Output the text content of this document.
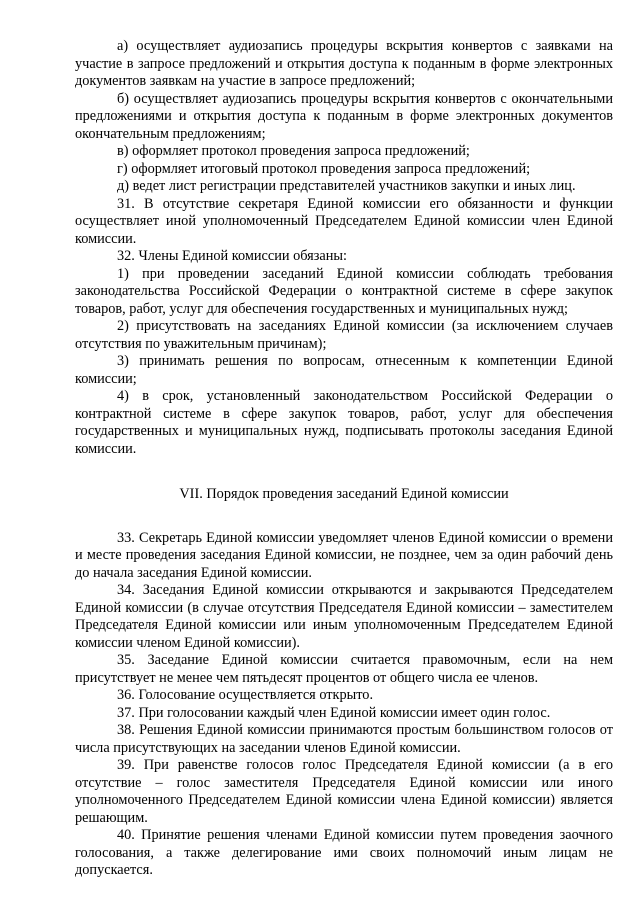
а) осуществляет аудиозапись процедуры вскрытия конвертов с заявками на участие в запросе предложений и открытия доступа к поданным в форме электронных документов заявкам на участие в запросе предложений;

б) осуществляет аудиозапись процедуры вскрытия конвертов с окончательными предложениями и открытия доступа к поданным в форме электронных документов окончательным предложениям;

в) оформляет протокол проведения запроса предложений;

г) оформляет итоговый протокол проведения запроса предложений;

д) ведет лист регистрации представителей участников закупки и иных лиц.

31. В отсутствие секретаря Единой комиссии его обязанности и функции осуществляет иной уполномоченный Председателем Единой комиссии член Единой комиссии.

32. Члены Единой комиссии обязаны:

1) при проведении заседаний Единой комиссии соблюдать требования законодательства Российской Федерации о контрактной системе в сфере закупок товаров, работ, услуг для обеспечения государственных и муниципальных нужд;

2) присутствовать на заседаниях Единой комиссии (за исключением случаев отсутствия по уважительным причинам);

3) принимать решения по вопросам, отнесенным к компетенции Единой комиссии;

4) в срок, установленный законодательством Российской Федерации о контрактной системе в сфере закупок товаров, работ, услуг для обеспечения государственных и муниципальных нужд, подписывать протоколы заседания Единой комиссии.

VII. Порядок проведения заседаний Единой комиссии

33. Секретарь Единой комиссии уведомляет членов Единой комиссии о времени и месте проведения заседания Единой комиссии, не позднее, чем за один рабочий день до начала заседания Единой комиссии.

34. Заседания Единой комиссии открываются и закрываются Председателем Единой комиссии (в случае отсутствия Председателя Единой комиссии – заместителем Председателя Единой комиссии или иным уполномоченным Председателем Единой комиссии членом Единой комиссии).

35. Заседание Единой комиссии считается правомочным, если на нем присутствует не менее чем пятьдесят процентов от общего числа ее членов.

36. Голосование осуществляется открыто.

37. При голосовании каждый член Единой комиссии имеет один голос.

38. Решения Единой комиссии принимаются простым большинством голосов от числа присутствующих на заседании членов Единой комиссии.

39. При равенстве голосов голос Председателя Единой комиссии (а в его отсутствие – голос заместителя Председателя Единой комиссии или иного уполномоченного Председателем Единой комиссии члена Единой комиссии) является решающим.

40. Принятие решения членами Единой комиссии путем проведения заочного голосования, а также делегирование ими своих полномочий иным лицам не допускается.
